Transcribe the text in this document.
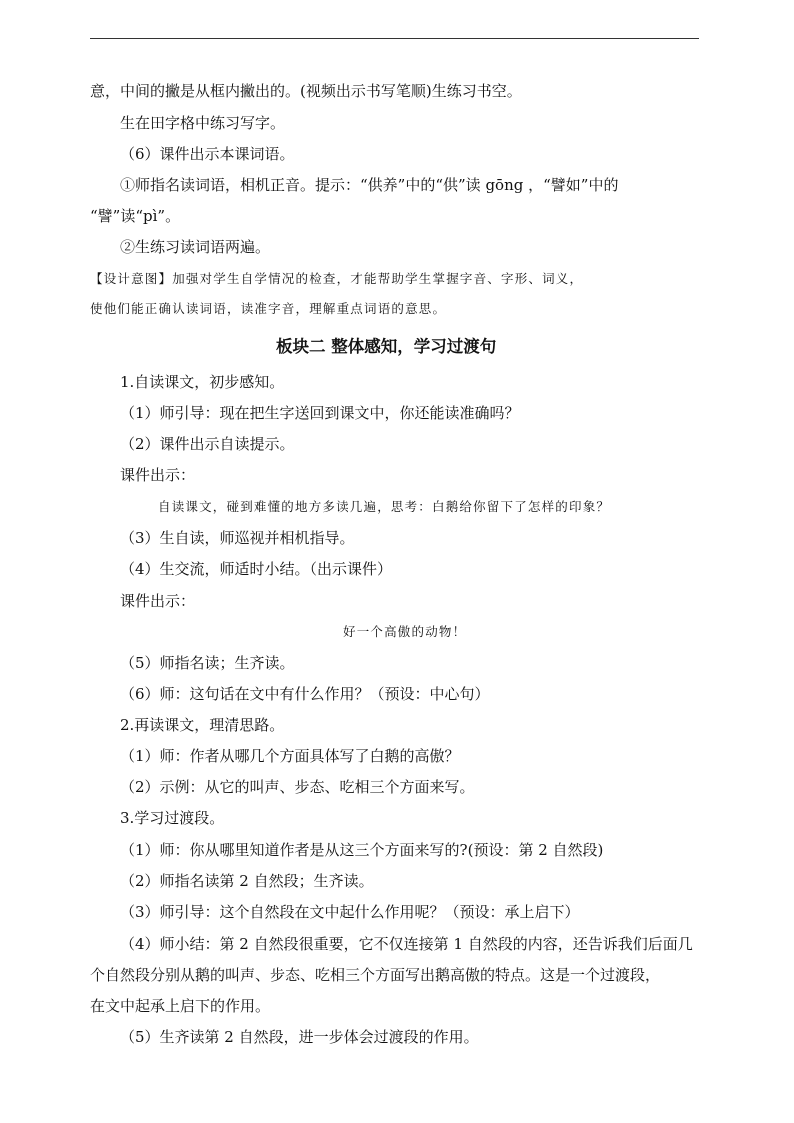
意，中间的撇是从框内撇出的。(视频出示书写笔顺)生练习书空。
生在田字格中练习写字。
（6）课件出示本课词语。
①师指名读词语，相机正音。提示：“供养”中的“供”读 gōng ，“譬如”中的
“譬”读“pì”。
②生练习读词语两遍。
【设计意图】加强对学生自学情况的检查，才能帮助学生掌握字音、字形、词义，
使他们能正确认读词语，读准字音，理解重点词语的意思。
板块二 整体感知，学习过渡句
1.自读课文，初步感知。
（1）师引导：现在把生字送回到课文中，你还能读准确吗？
（2）课件出示自读提示。
课件出示：
自读课文，碰到难懂的地方多读几遍，思考：白鹅给你留下了怎样的印象？
（3）生自读，师巡视并相机指导。
（4）生交流，师适时小结。（出示课件）
课件出示：
好一个高傲的动物！
（5）师指名读；生齐读。
（6）师：这句话在文中有什么作用？（预设：中心句）
2.再读课文，理清思路。
（1）师：作者从哪几个方面具体写了白鹅的高傲？
（2）示例：从它的叫声、步态、吃相三个方面来写。
3.学习过渡段。
（1）师：你从哪里知道作者是从这三个方面来写的?(预设：第 2 自然段)
（2）师指名读第 2 自然段；生齐读。
（3）师引导：这个自然段在文中起什么作用呢？（预设：承上启下）
（4）师小结：第 2 自然段很重要，它不仅连接第 1 自然段的内容，还告诉我们后面几
个自然段分别从鹅的叫声、步态、吃相三个方面写出鹅高傲的特点。这是一个过渡段，
在文中起承上启下的作用。
（5）生齐读第 2 自然段，进一步体会过渡段的作用。
